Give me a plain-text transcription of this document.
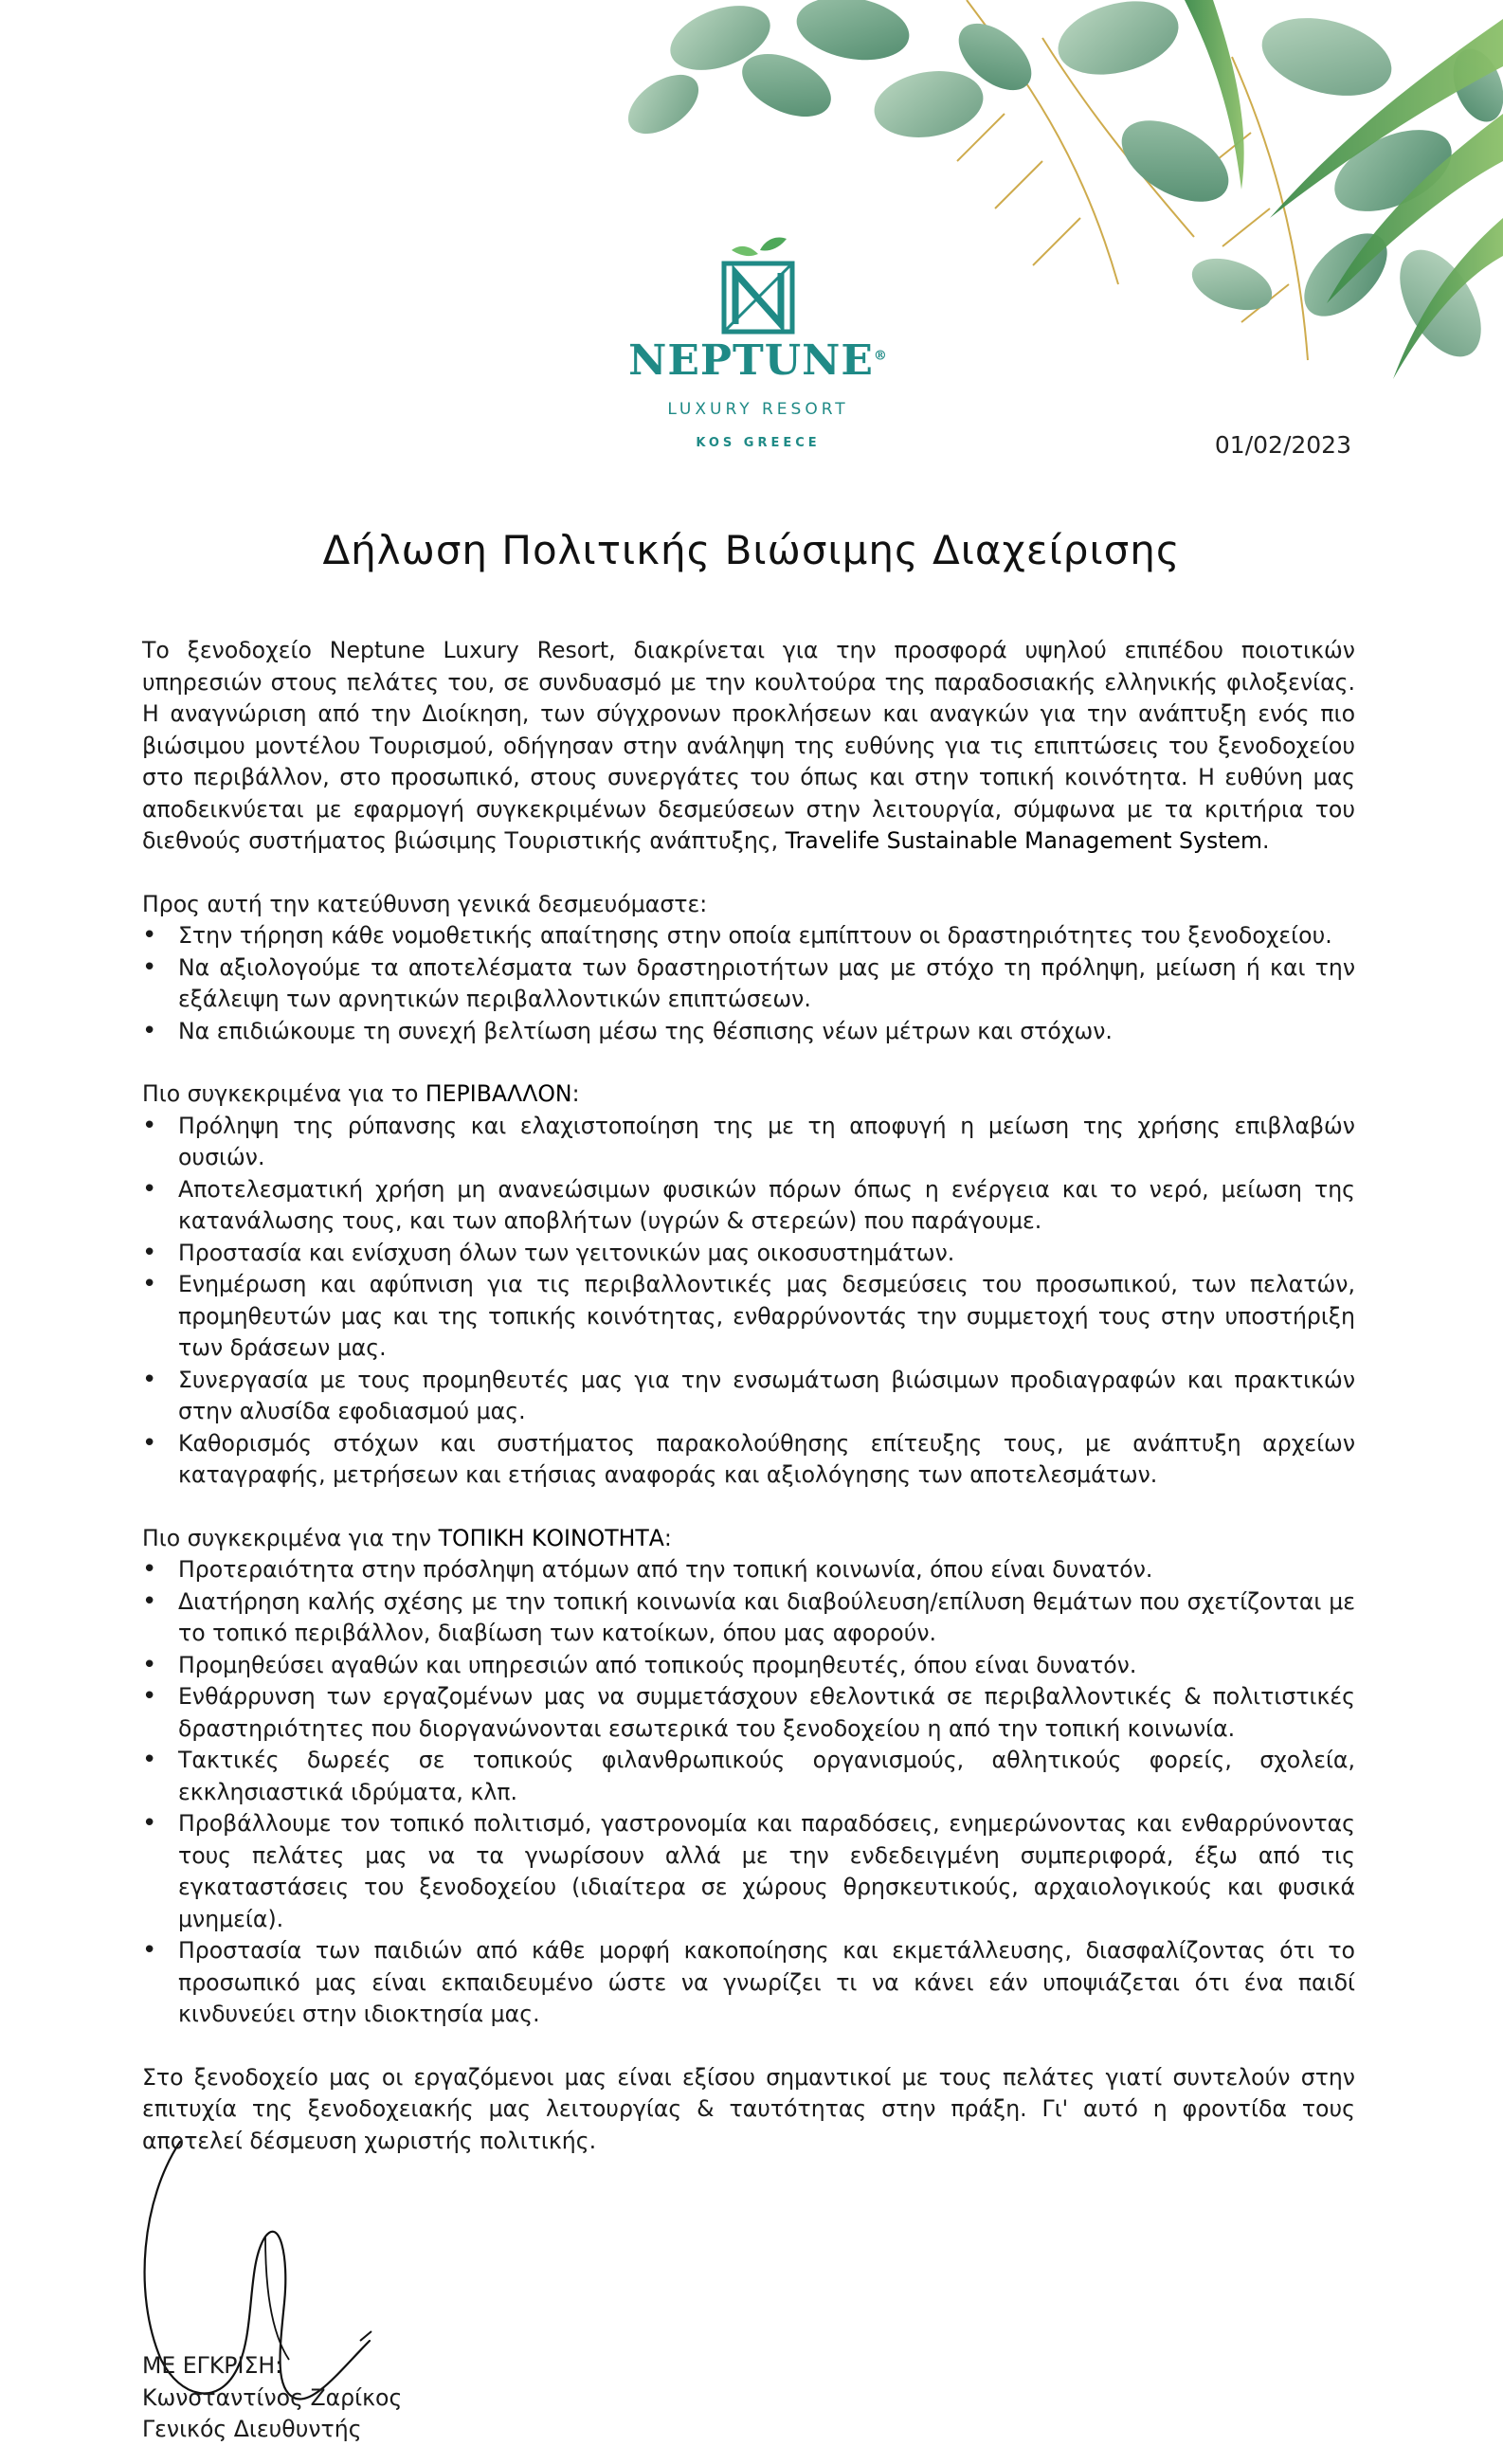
NEPTUNE®
LUXURY RESORT
KOS GREECE	01/02/2023
Δήλωση Πολιτικής Βιώσιμης Διαχείρισης

Το ξενοδοχείο Neptune Luxury Resort, διακρίνεται για την προσφορά υψηλού επιπέδου ποιοτικών υπηρεσιών στους πελάτες του, σε συνδυασμό με την κουλτούρα της παραδοσιακής ελληνικής φιλοξενίας. Η αναγνώριση από την Διοίκηση, των σύγχρονων προκλήσεων και αναγκών για την ανάπτυξη ενός πιο βιώσιμου μοντέλου Τουρισμού, οδήγησαν στην ανάληψη της ευθύνης για τις επιπτώσεις του ξενοδοχείου στο περιβάλλον, στο προσωπικό, στους συνεργάτες του όπως και στην τοπική κοινότητα. Η ευθύνη μας αποδεικνύεται με εφαρμογή συγκεκριμένων δεσμεύσεων στην λειτουργία, σύμφωνα με τα κριτήρια του διεθνούς συστήματος βιώσιμης Τουριστικής ανάπτυξης, Travelife Sustainable Management System.

Προς αυτή την κατεύθυνση γενικά δεσμευόμαστε:

• Στην τήρηση κάθε νομοθετικής απαίτησης στην οποία εμπίπτουν οι δραστηριότητες του ξενοδοχείου.
• Να αξιολογούμε τα αποτελέσματα των δραστηριοτήτων μας με στόχο τη πρόληψη, μείωση ή και την εξάλειψη των αρνητικών περιβαλλοντικών επιπτώσεων.
• Να επιδιώκουμε τη συνεχή βελτίωση μέσω της θέσπισης νέων μέτρων και στόχων.

Πιο συγκεκριμένα για το ΠΕΡΙΒΑΛΛΟΝ:

• Πρόληψη της ρύπανσης και ελαχιστοποίηση της με τη αποφυγή η μείωση της χρήσης επιβλαβών ουσιών.
• Αποτελεσματική χρήση μη ανανεώσιμων φυσικών πόρων όπως η ενέργεια και το νερό, μείωση της κατανάλωσης τους, και των αποβλήτων (υγρών & στερεών) που παράγουμε.
• Προστασία και ενίσχυση όλων των γειτονικών μας οικοσυστημάτων.
• Ενημέρωση και αφύπνιση για τις περιβαλλοντικές μας δεσμεύσεις του προσωπικού, των πελατών, προμηθευτών μας και της τοπικής κοινότητας, ενθαρρύνοντάς την συμμετοχή τους στην υποστήριξη των δράσεων μας.
• Συνεργασία με τους προμηθευτές μας για την ενσωμάτωση βιώσιμων προδιαγραφών και πρακτικών στην αλυσίδα εφοδιασμού μας.
• Καθορισμός στόχων και συστήματος παρακολούθησης επίτευξης τους, με ανάπτυξη αρχείων καταγραφής, μετρήσεων και ετήσιας αναφοράς και αξιολόγησης των αποτελεσμάτων.

Πιο συγκεκριμένα για την ΤΟΠΙΚΗ ΚΟΙΝΟΤΗΤΑ:

• Προτεραιότητα στην πρόσληψη ατόμων από την τοπική κοινωνία, όπου είναι δυνατόν.
• Διατήρηση καλής σχέσης με την τοπική κοινωνία και διαβούλευση/επίλυση θεμάτων που σχετίζονται με το τοπικό περιβάλλον, διαβίωση των κατοίκων, όπου μας αφορούν.
• Προμηθεύσει αγαθών και υπηρεσιών από τοπικούς προμηθευτές, όπου είναι δυνατόν.
• Ενθάρρυνση των εργαζομένων μας να συμμετάσχουν εθελοντικά σε περιβαλλοντικές & πολιτιστικές δραστηριότητες που διοργανώνονται εσωτερικά του ξενοδοχείου η από την τοπική κοινωνία.
• Τακτικές δωρεές σε τοπικούς φιλανθρωπικούς οργανισμούς, αθλητικούς φορείς, σχολεία, εκκλησιαστικά ιδρύματα, κλπ.
• Προβάλλουμε τον τοπικό πολιτισμό, γαστρονομία και παραδόσεις, ενημερώνοντας και ενθαρρύνοντας τους πελάτες μας να τα γνωρίσουν αλλά με την ενδεδειγμένη συμπεριφορά, έξω από τις εγκαταστάσεις του ξενοδοχείου (ιδιαίτερα σε χώρους θρησκευτικούς, αρχαιολογικούς και φυσικά μνημεία).
• Προστασία των παιδιών από κάθε μορφή κακοποίησης και εκμετάλλευσης, διασφαλίζοντας ότι το προσωπικό μας είναι εκπαιδευμένο ώστε να γνωρίζει τι να κάνει εάν υποψιάζεται ότι ένα παιδί κινδυνεύει στην ιδιοκτησία μας.

Στο ξενοδοχείο μας οι εργαζόμενοι μας είναι εξίσου σημαντικοί με τους πελάτες γιατί συντελούν στην επιτυχία της ξενοδοχειακής μας λειτουργίας & ταυτότητας στην πράξη. Γι' αυτό η φροντίδα τους αποτελεί δέσμευση χωριστής πολιτικής.

ΜΕ ΕΓΚΡΙΣΗ:
Κωνσταντίνος Ζαρίκος
Γενικός Διευθυντής
